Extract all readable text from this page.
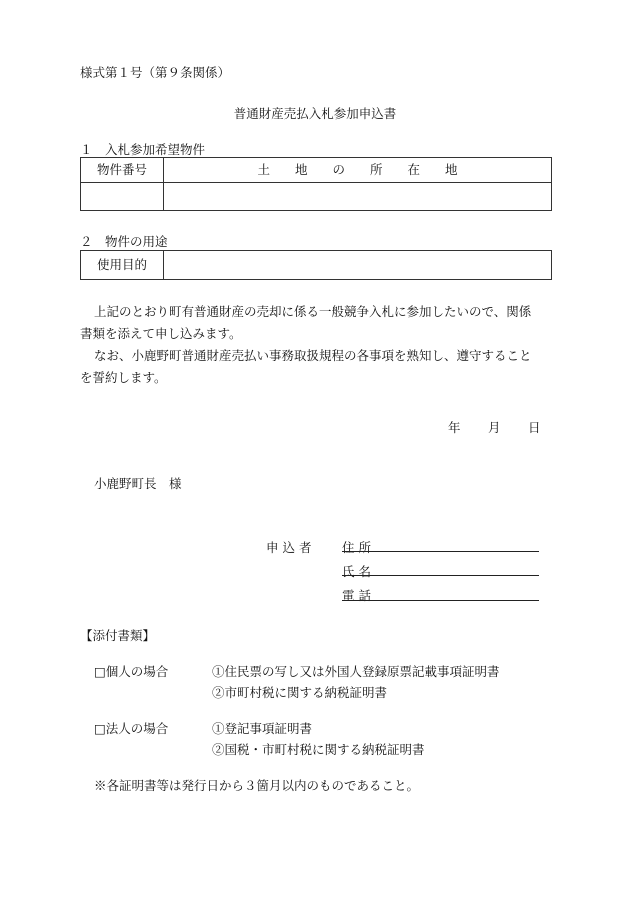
様式第１号（第９条関係）
普通財産売払入札参加申込書
１　入札参加希望物件
物件番号	土　　地　　の　　所　　在　　地
２　物件の用途
使用目的
上記のとおり町有普通財産の売却に係る一般競争入札に参加したいので、関係
書類を添えて申し込みます。
なお、小鹿野町普通財産売払い事務取扱規程の各事項を熟知し、遵守すること
を誓約します。
年 月 日
小鹿野町長　様
申 込 者 住 所
氏 名
電 話
【添付書類】
□個人の場合	①住民票の写し又は外国人登録原票記載事項証明書
②市町村税に関する納税証明書
□法人の場合	①登記事項証明書
②国税・市町村税に関する納税証明書
※各証明書等は発行日から３箇月以内のものであること。
